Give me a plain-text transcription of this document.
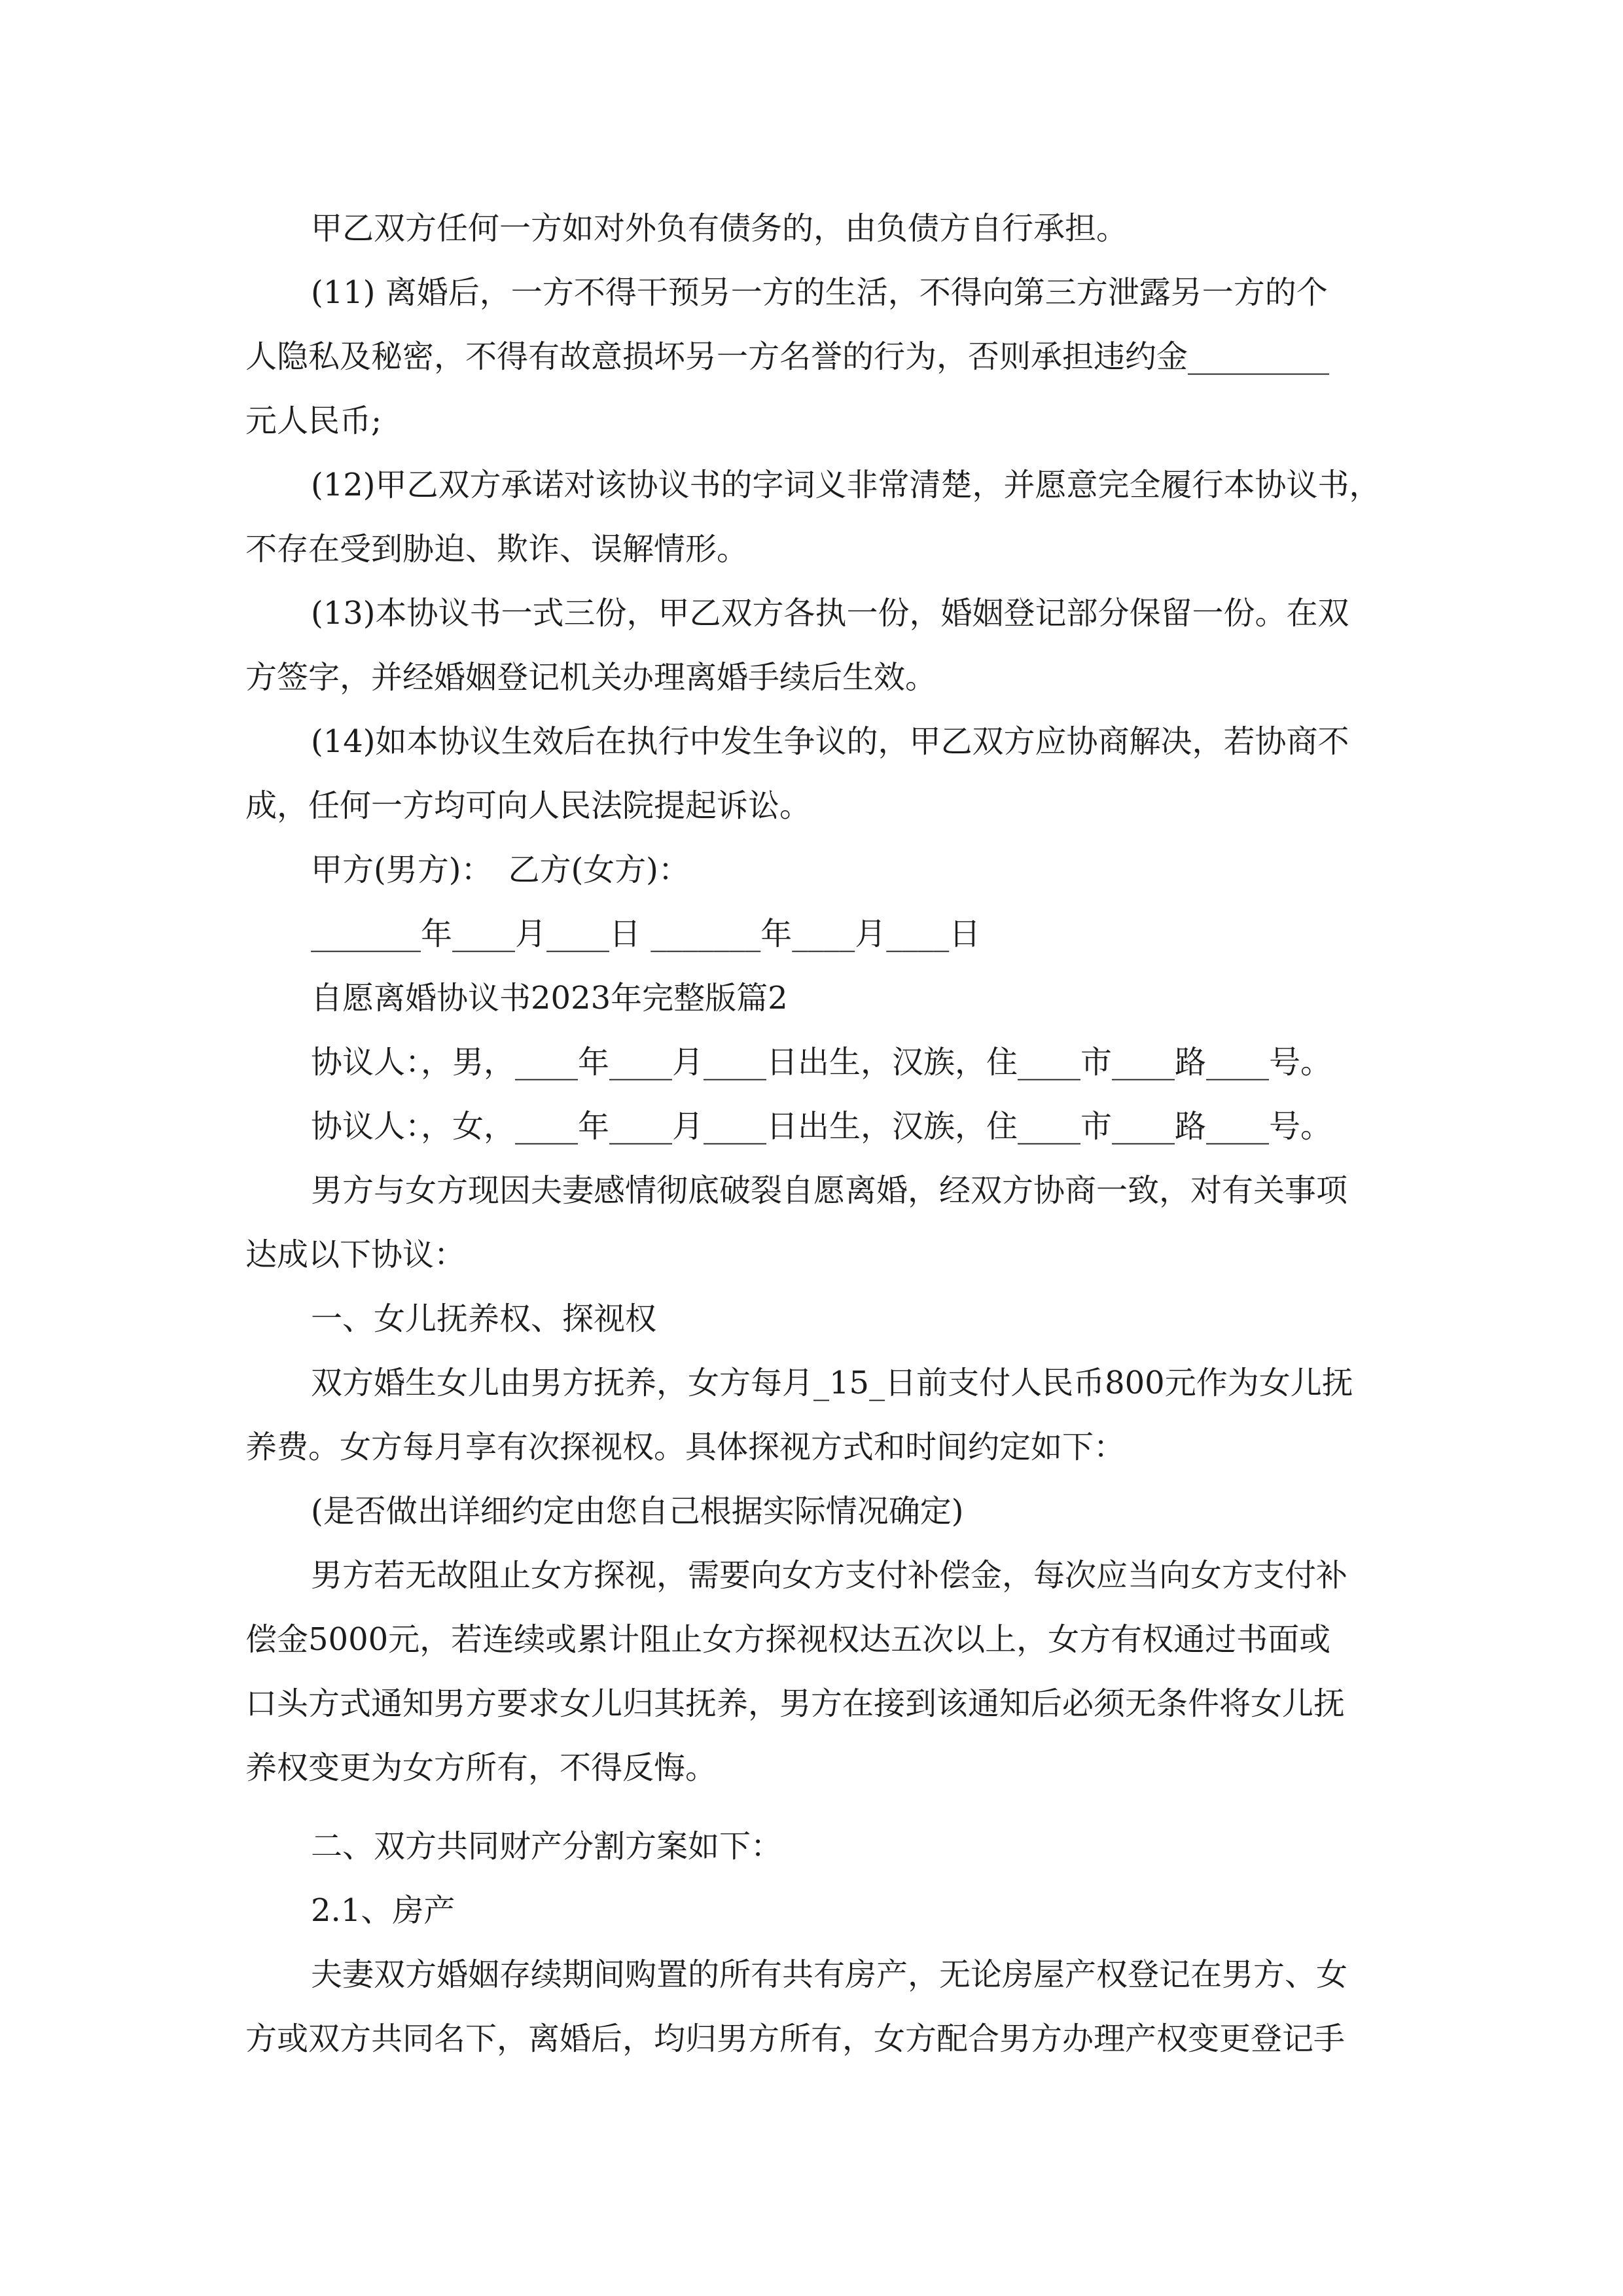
甲乙双方任何一方如对外负有债务的，由负债方自行承担。
(11) 离婚后，一方不得干预另一方的生活，不得向第三方泄露另一方的个
人隐私及秘密，不得有故意损坏另一方名誉的行为，否则承担违约金_________
元人民币;
(12)甲乙双方承诺对该协议书的字词义非常清楚，并愿意完全履行本协议书，
不存在受到胁迫、欺诈、误解情形。
(13)本协议书一式三份，甲乙双方各执一份，婚姻登记部分保留一份。在双
方签字，并经婚姻登记机关办理离婚手续后生效。
(14)如本协议生效后在执行中发生争议的，甲乙双方应协商解决，若协商不
成，任何一方均可向人民法院提起诉讼。
甲方(男方)：　乙方(女方)：
_______年____月____日 _______年____月____日
自愿离婚协议书2023年完整版篇2
协议人：，男，____年____月____日出生，汉族，住____市____路____号。
协议人：，女，____年____月____日出生，汉族，住____市____路____号。
男方与女方现因夫妻感情彻底破裂自愿离婚，经双方协商一致，对有关事项
达成以下协议：
一、女儿抚养权、探视权
双方婚生女儿由男方抚养，女方每月_15_日前支付人民币800元作为女儿抚
养费。女方每月享有次探视权。具体探视方式和时间约定如下：
(是否做出详细约定由您自己根据实际情况确定)
男方若无故阻止女方探视，需要向女方支付补偿金，每次应当向女方支付补
偿金5000元，若连续或累计阻止女方探视权达五次以上，女方有权通过书面或
口头方式通知男方要求女儿归其抚养，男方在接到该通知后必须无条件将女儿抚
养权变更为女方所有，不得反悔。
二、双方共同财产分割方案如下：
2.1、房产
夫妻双方婚姻存续期间购置的所有共有房产，无论房屋产权登记在男方、女
方或双方共同名下，离婚后，均归男方所有，女方配合男方办理产权变更登记手
